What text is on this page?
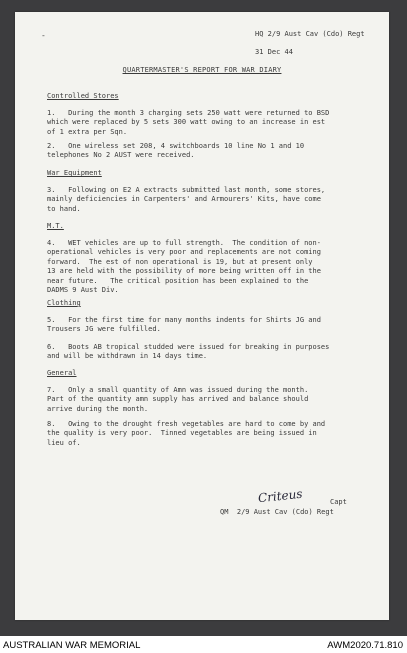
-	HQ 2/9 Aust Cav (Cdo) Regt
31 Dec 44
QUARTERMASTER'S REPORT FOR WAR DIARY
Controlled Stores
1.   During the month 3 charging sets 250 watt were returned to BSD
which were replaced by 5 sets 300 watt owing to an increase in est
of 1 extra per Sqn.
2.   One wireless set 208, 4 switchboards 10 line No 1 and 10
telephones No 2 AUST were received.
War Equipment
3.   Following on E2 A extracts submitted last month, some stores,
mainly deficiencies in Carpenters' and Armourers' Kits, have come
to hand.
M.T.
4.   WET vehicles are up to full strength.  The condition of non-
operational vehicles is very poor and replacements are not coming
forward.  The est of non operational is 19, but at present only
13 are held with the possibility of more being written off in the
near future.   The critical position has been explained to the
DADMS 9 Aust Div.
Clothing
5.   For the first time for many months indents for Shirts JG and
Trousers JG were fulfilled.
6.   Boots AB tropical studded were issued for breaking in purposes
and will be withdrawn in 14 days time.
General
7.   Only a small quantity of Amn was issued during the month.
Part of the quantity amn supply has arrived and balance should
arrive during the month.
8.   Owing to the drought fresh vegetables are hard to come by and
the quality is very poor.  Tinned vegetables are being issued in
lieu of.
Criteus	Capt
QM  2/9 Aust Cav (Cdo) Regt
AUSTRALIAN WAR MEMORIAL	AWM2020.71.810
